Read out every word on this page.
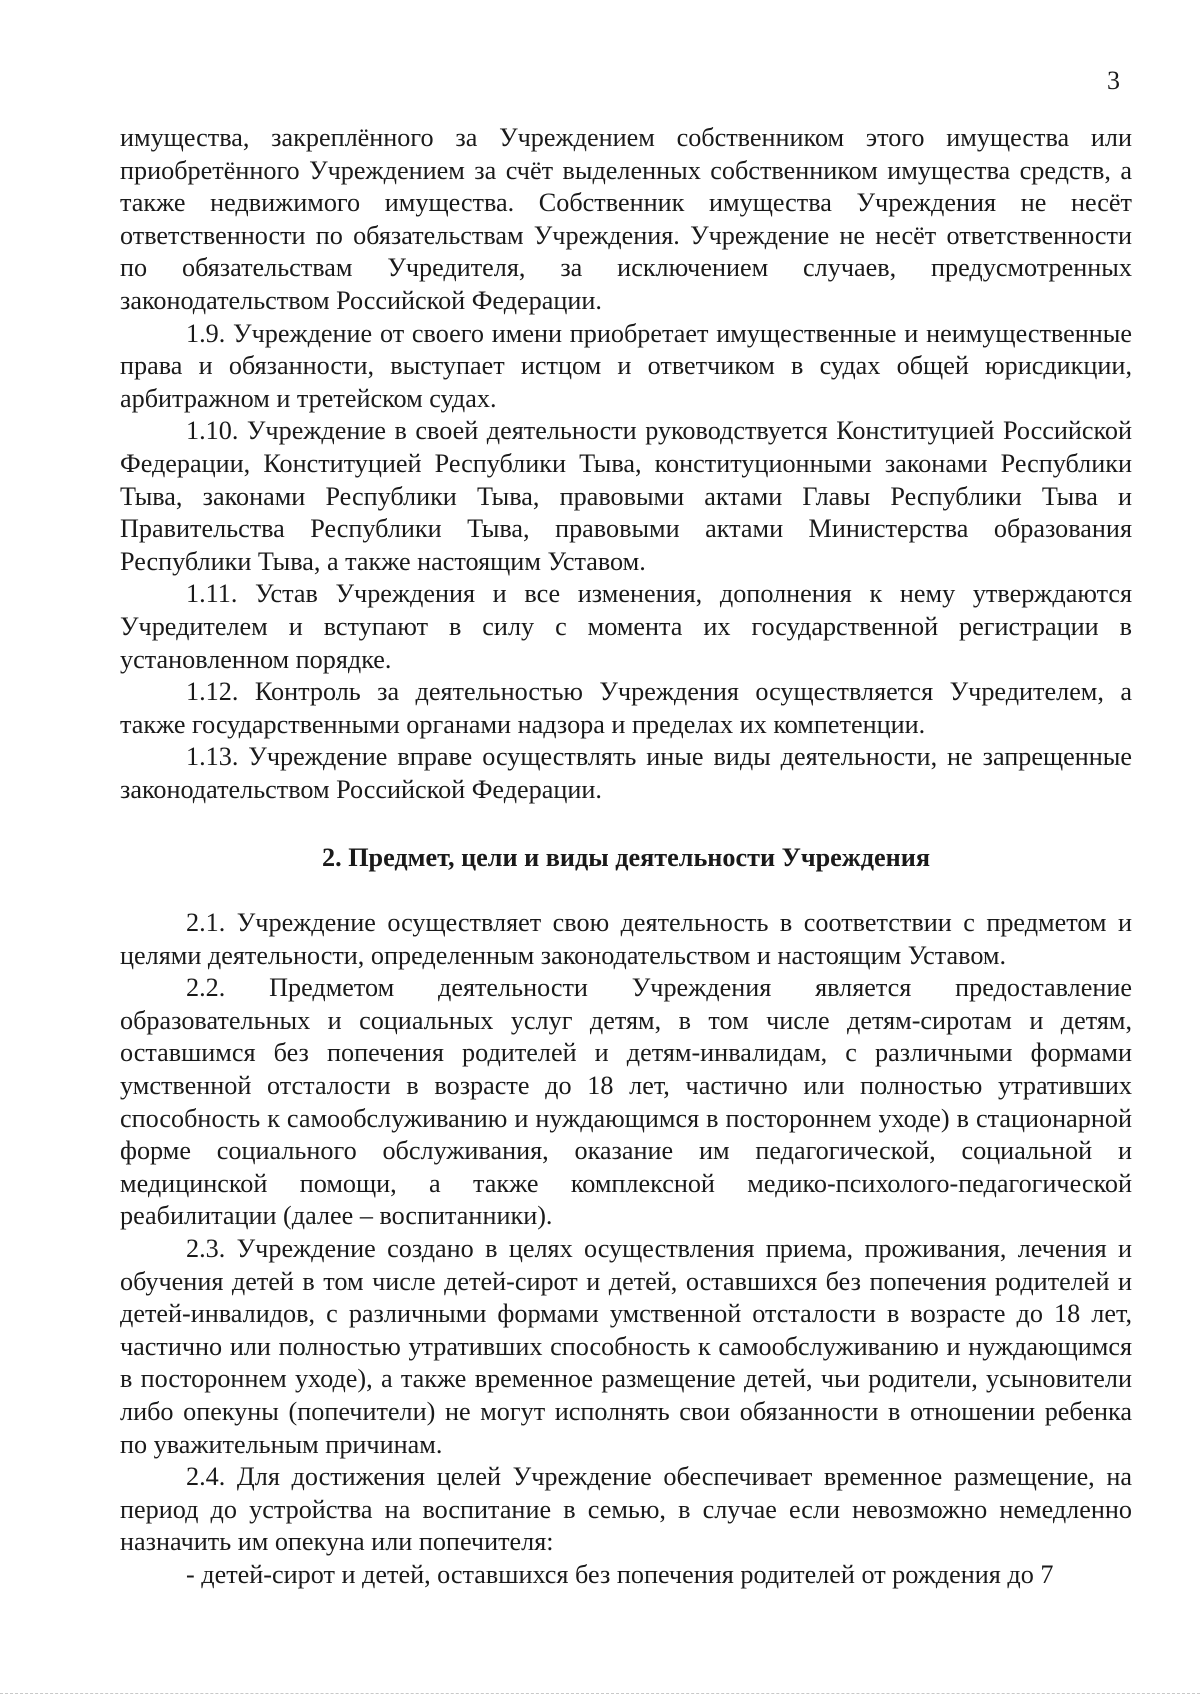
3

имущества, закреплённого за Учреждением собственником этого имущества или приобретённого Учреждением за счёт выделенных собственником имущества средств, а также недвижимого имущества. Собственник имущества Учреждения не несёт ответственности по обязательствам Учреждения. Учреждение не несёт ответственности по обязательствам Учредителя, за исключением случаев, предусмотренных законодательством Российской Федерации.

1.9. Учреждение от своего имени приобретает имущественные и неимущественные права и обязанности, выступает истцом и ответчиком в судах общей юрисдикции, арбитражном и третейском судах.

1.10. Учреждение в своей деятельности руководствуется Конституцией Российской Федерации, Конституцией Республики Тыва, конституционными законами Республики Тыва, законами Республики Тыва, правовыми актами Главы Республики Тыва и Правительства Республики Тыва, правовыми актами Министерства образования Республики Тыва, а также настоящим Уставом.

1.11. Устав Учреждения и все изменения, дополнения к нему утверждаются Учредителем и вступают в силу с момента их государственной регистрации в установленном порядке.

1.12. Контроль за деятельностью Учреждения осуществляется Учредителем, а также государственными органами надзора и пределах их компетенции.

1.13. Учреждение вправе осуществлять иные виды деятельности, не запрещенные законодательством Российской Федерации.

2. Предмет, цели и виды деятельности Учреждения

2.1. Учреждение осуществляет свою деятельность в соответствии с предметом и целями деятельности, определенным законодательством и настоящим Уставом.

2.2. Предметом деятельности Учреждения является предоставление образовательных и социальных услуг детям, в том числе детям-сиротам и детям, оставшимся без попечения родителей и детям-инвалидам, с различными формами умственной отсталости в возрасте до 18 лет, частично или полностью утративших способность к самообслуживанию и нуждающимся в постороннем уходе) в стационарной форме социального обслуживания, оказание им педагогической, социальной и медицинской помощи, а также комплексной медико-психолого-педагогической реабилитации (далее – воспитанники).

2.3. Учреждение создано в целях осуществления приема, проживания, лечения и обучения детей в том числе детей-сирот и детей, оставшихся без попечения родителей и детей-инвалидов, с различными формами умственной отсталости в возрасте до 18 лет, частично или полностью утративших способность к самообслуживанию и нуждающимся в постороннем уходе), а также временное размещение детей, чьи родители, усыновители либо опекуны (попечители) не могут исполнять свои обязанности в отношении ребенка по уважительным причинам.

2.4. Для достижения целей Учреждение обеспечивает временное размещение, на период до устройства на воспитание в семью, в случае если невозможно немедленно назначить им опекуна или попечителя:

- детей-сирот и детей, оставшихся без попечения родителей от рождения до 7
